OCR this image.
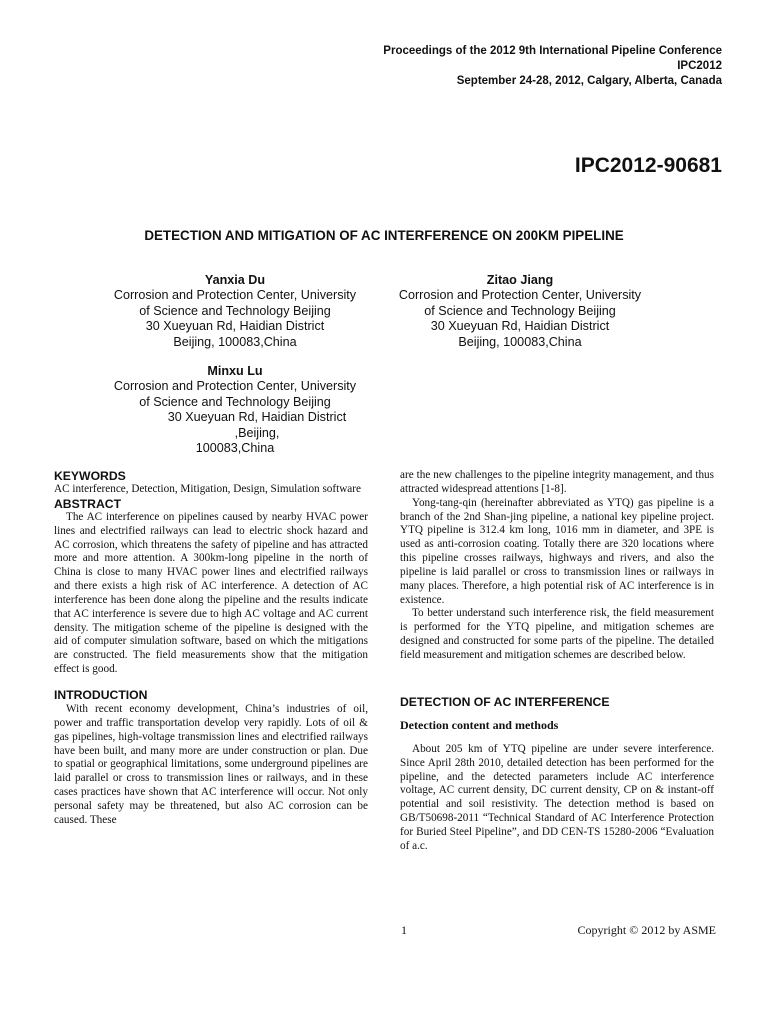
Proceedings of the 2012 9th International Pipeline Conference
IPC2012
September 24-28, 2012, Calgary, Alberta, Canada
IPC2012-90681
DETECTION AND MITIGATION OF AC INTERFERENCE ON 200KM PIPELINE
Yanxia Du
Corrosion and Protection Center, University
of Science and Technology Beijing
30 Xueyuan Rd, Haidian District
Beijing, 100083,China
Zitao Jiang
Corrosion and Protection Center, University
of Science and Technology Beijing
30 Xueyuan Rd, Haidian District
Beijing, 100083,China
Minxu Lu
Corrosion and Protection Center, University
of Science and Technology Beijing
30 Xueyuan Rd, Haidian District ,Beijing,
100083,China
KEYWORDS
AC interference, Detection, Mitigation, Design, Simulation software
ABSTRACT

The AC interference on pipelines caused by nearby HVAC power lines and electrified railways can lead to electric shock hazard and AC corrosion, which threatens the safety of pipeline and has attracted more and more attention. A 300km-long pipeline in the north of China is close to many HVAC power lines and electrified railways and there exists a high risk of AC interference. A detection of AC interference has been done along the pipeline and the results indicate that AC interference is severe due to high AC voltage and AC current density. The mitigation scheme of the pipeline is designed with the aid of computer simulation software, based on which the mitigations are constructed. The field measurements show that the mitigation effect is good.

INTRODUCTION

With recent economy development, China’s industries of oil, power and traffic transportation develop very rapidly. Lots of oil & gas pipelines, high-voltage transmission lines and electrified railways have been built, and many more are under construction or plan. Due to spatial or geographical limitations, some underground pipelines are laid parallel or cross to transmission lines or railways, and in these cases practices have shown that AC interference will occur. Not only personal safety may be threatened, but also AC corrosion can be caused. These

are the new challenges to the pipeline integrity management, and thus attracted widespread attentions [1-8].

Yong-tang-qin (hereinafter abbreviated as YTQ) gas pipeline is a branch of the 2nd Shan-jing pipeline, a national key pipeline project. YTQ pipeline is 312.4 km long, 1016 mm in diameter, and 3PE is used as anti-corrosion coating. Totally there are 320 locations where this pipeline crosses railways, highways and rivers, and also the pipeline is laid parallel or cross to transmission lines or railways in many places. Therefore, a high potential risk of AC interference is in existence.

To better understand such interference risk, the field measurement is performed for the YTQ pipeline, and mitigation schemes are designed and constructed for some parts of the pipeline. The detailed field measurement and mitigation schemes are described below.

DETECTION OF AC INTERFERENCE
Detection content and methods

About 205 km of YTQ pipeline are under severe interference. Since April 28th 2010, detailed detection has been performed for the pipeline, and the detected parameters include AC interference voltage, AC current density, DC current density, CP on & instant-off potential and soil resistivity. The detection method is based on GB/T50698-2011 “Technical Standard of AC Interference Protection for Buried Steel Pipeline”, and DD CEN-TS 15280-2006 “Evaluation of a.c.

1	Copyright © 2012 by ASME
